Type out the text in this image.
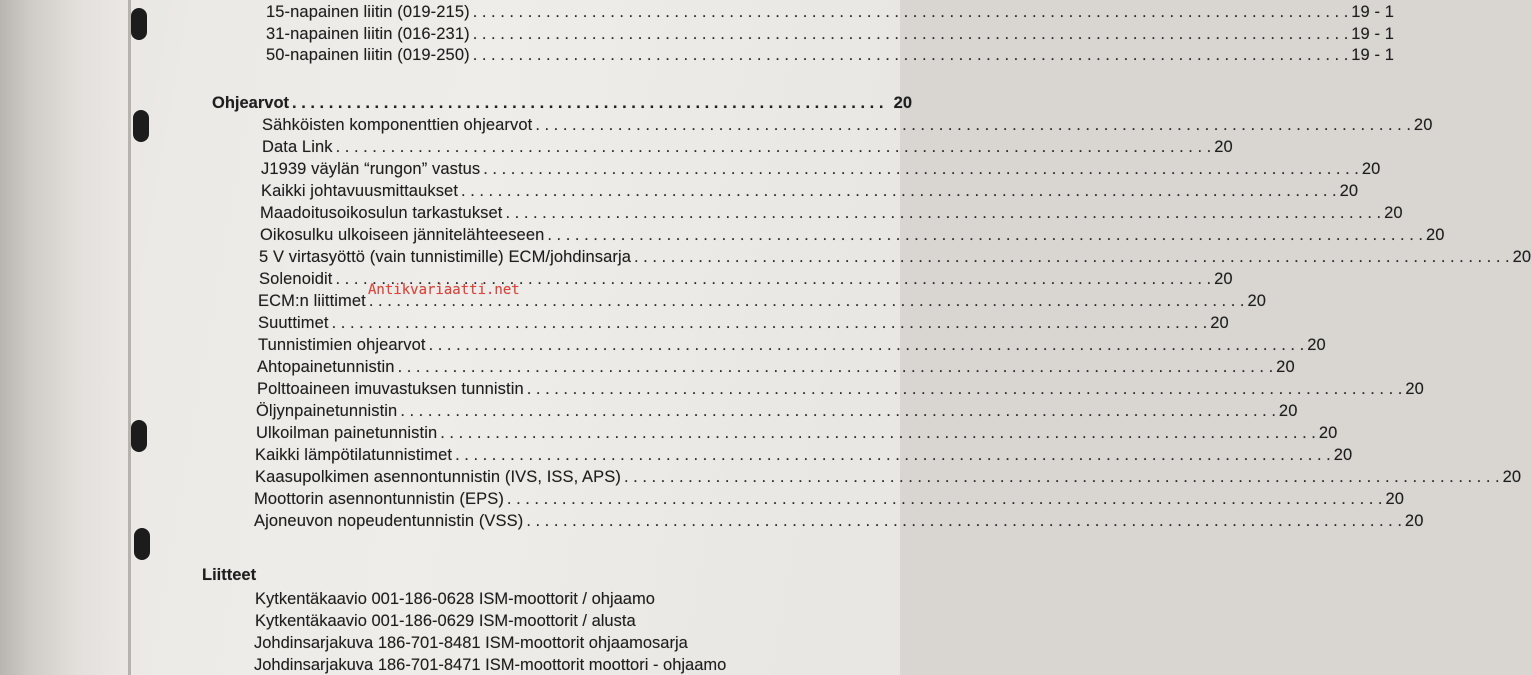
15-napainen liitin (019-215) . . .	19 - 1
31-napainen liitin (016-231) . . .	19 - 1
50-napainen liitin (019-250) . . .	19 - 1
Ohjearvot . . .	20
Sähköisten komponenttien ohjearvot . . .	20
Data Link . . .	20
J1939 väylän “rungon” vastus . . .	20
Kaikki johtavuusmittaukset . . .	20
Maadoitusoikosulun tarkastukset . . .	20
Oikosulku ulkoiseen jännitelähteeseen . . .	20
5 V virtasyöttö (vain tunnistimille) ECM/johdinsarja . . .	20
Solenoidit . . .	20
ECM:n liittimet . . .	20
Suuttimet . . .	20
Tunnistimien ohjearvot . . .	20
Ahtopainetunnistin . . .	20
Polttoaineen imuvastuksen tunnistin . . .	20
Öljynpainetunnistin . . .	20
Ulkoilman painetunnistin . . .	20
Kaikki lämpötilatunnistimet . . .	20
Kaasupolkimen asennontunnistin (IVS, ISS, APS) . . .	20
Moottorin asennontunnistin (EPS) . . .	20
Ajoneuvon nopeudentunnistin (VSS) . . .	20
Liitteet
Kytkentäkaavio 001-186-0628 ISM-moottorit / ohjaamo
Kytkentäkaavio 001-186-0629 ISM-moottorit / alusta
Johdinsarjakuva 186-701-8481 ISM-moottorit ohjaamosarja
Johdinsarjakuva 186-701-8471 ISM-moottorit moottori - ohjaamo
Antikvariaatti.net
